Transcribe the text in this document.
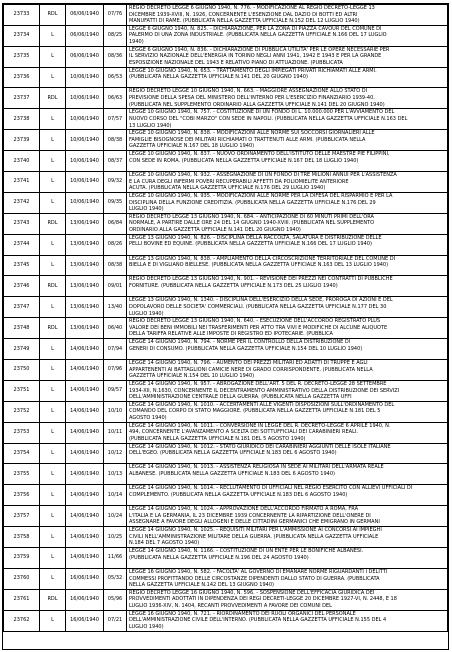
23733	RDL	06/06/1940	07/76	REGIO DECRETO LEGGE 6 GIUGNO 1940, N. 776. - MODIFICAZIONE AL REGIO DECRETO-LEGGE 13
DICEMBRE 1939-XVIII, N. 1926, CONCERNENTE L'ESENZIONE DAL DAZIO DI BOTTI ED ALTRI
MANUFATTI DI RAME. (PUBBLICATA NELLA GAZZETTA UFFICIALE N.152 DEL 12 LUGLIO 1940)

23734	L	06/06/1940	08/25	LEGGE 6 GIUGNO 1940, N. 825. - DICHIARAZIONE, PER LA ZONA DI PIAZZA CAVOUR DEL COMUNE DI
PALERMO DI UNA ZONA INDUSTRIALE. (PUBBLICATA NELLA GAZZETTA UFFICIALE N.166 DEL 17 LUGLIO
1940)

23735	L	06/06/1940	08/36	LEGGE 6 GIUGNO 1940, N. 836. - DICHIARAZIONE DI PUBBLICA UTILITA' PER LE OPERE NECESSARIE PER
IL SERVIZIO NAZIONALE DELL'ENERGIA IN TORINO NEGLI ANNI 1941, 1942 E 1943 E PER LA GRANDE
ESPOSIZIONE NAZIONALE DEL 1943 E RELATIVO PIANO DI ATTUAZIONE. (PUBBLICATA

23736	L	10/06/1940	06/53	LEGGE 10 GIUGNO 1940, N. 653. - TRATTAMENTO DEGLI IMPIEGATI PRIVATI RICHIAMATI ALLE ARMI.
(PUBBLICATA NELLA GAZZETTA UFFICIALE N.141 DEL 20 GIUGNO 1940)

23737	RDL	10/06/1940	06/63	REGIO DECRETO LEGGE 10 GIUGNO 1940, N. 663. - MAGGIORE ASSEGNAZIONE ALLO STATO DI
PREVISIONE DELLA SPESA DEL MINISTERO DELL'INTERNO PER L'ESERCIZIO FINANZIARIO 1939-40.
(PUBBLICATA NEL SUPPLEMENTO ORDINARIO ALLA GAZZETTA UFFICIALE N.141 DEL 20 GIUGNO 1940)

23738	L	10/06/1940	07/57	LEGGE 10 GIUGNO 1940, N. 757. - COSTITUZIONE DI UN FONDO DI L. 10.000.000 PER L'AVVIAMENTO DEL
NUOVO CORSO DEL "COBI MARZO" CON SEDE IN NAPOLI. (PUBBLICATA NELLA GAZZETTA UFFICIALE N.163 DEL
13 LUGLIO 1940)

23739	L	10/06/1940	08/38	LEGGE 10 GIUGNO 1940, N. 838. - MODIFICAZIONI ALLE NORME SUI SOCCORSI GIORNALIERI ALLE
FAMIGLIE BISOGNOSE DEI MILITARI RICHIAMATI O TRATTENUTI ALLE ARMI. (PUBBLICATA NELLA
GAZZETTA UFFICIALE N.167 DEL 18 LUGLIO 1940)

23740	L	10/06/1940	08/37	LEGGE 10 GIUGNO 1940, N. 837. - NUOVO ORDINAMENTO DELL'ISTITUTO DELLE MAESTRE PIE FILIPPINI,
CON SEDE IN ROMA. (PUBBLICATA NELLA GAZZETTA UFFICIALE N.167 DEL 18 LUGLIO 1940)

23741	L	10/06/1940	09/32	LEGGE 10 GIUGNO 1940, N. 932. - ASSEGNAZIONE DI UN FONDO DI TRE MILIONI ANNUI PER L'ASSISTENZA
E LA CURA DEGLI INFERMI POVERI RECUPERABILI AFFETTI DA POLIOMIELITE ANTERIORE
ACUTA. (PUBBLICATA NELLA GAZZETTA UFFICIALE N.176 DEL 29 LUGLIO 1940)

23742	L	10/06/1940	09/35	LEGGE 10 GIUGNO 1940, N. 935. - MODIFICAZIONI ALLE NORME PER LA DIFESA DEL RISPARMIO E PER LA
DISCIPLINA DELLA FUNZIONE CREDITIZIA. (PUBBLICATA NELLA GAZZETTA UFFICIALE N.176 DEL 29
LUGLIO 1940)

23743	RDL	13/06/1940	06/84	REGIO DECRETO LEGGE 13 GIUGNO 1940, N. 684. - ANTICIPAZIONE DI 60 MINUTI PRIMI DELL'ORA
NORMALE, A PARTIRE DALLE ORE 24 DEL 14 GIUGNO 1940-XVIII. (PUBBLICATA NEL SUPPLEMENTO
ORDINARIO ALLA GAZZETTA UFFICIALE N.141 DEL 20 GIUGNO 1940)

23744	L	13/06/1940	08/26	LEGGE 13 GIUGNO 1940, N. 826. - DISCIPLINA DELLA RACCOLTA, SALATURA E DISTRIBUZIONE DELLE
PELLI BOVINE ED EQUINE. (PUBBLICATA NELLA GAZZETTA UFFICIALE N.166 DEL 17 LUGLIO 1940)

23745	L	13/06/1940	08/38	LEGGE 13 GIUGNO 1940, N. 838. - AMPLIAMENTO DELLA CIRCOSCRIZIONE TERRITORIALE DEL COMUNE DI
BIELLA E DI VIGLIANO BIELLESE. (PUBBLICATA NELLA GAZZETTA UFFICIALE N.163 DEL 13 LUGLIO 1940)

23746	RDL	13/06/1940	09/01	REGIO DECRETO LEGGE 13 GIUGNO 1940, N. 901. - REVISIONE DEI PREZZI NEI CONTRATTI DI PUBBLICHE
FORNITURE. (PUBBLICATA NELLA GAZZETTA UFFICIALE N.173 DEL 25 LUGLIO 1940)

23747	L	13/06/1940	13/40	LEGGE 13 GIUGNO 1940, N. 1340. - DISCIPLINA DELL'ESERCIZIO DELLA SEDE, PROROGA DI AZIONI E DEL
DOPOLAVORO DELLE SOCIETA' COMMERCIALI. (PUBBLICATA NELLA GAZZETTA UFFICIALE N.177 DEL 30
LUGLIO 1940)

23748	RDL	13/06/1940	06/40	REGIO DECRETO LEGGE 13 GIUGNO 1940, N. 640. - ESECUZIONE DELL'ACCORDO REGISTRATO PLUS
VALORE DEI BENI IMMOBILI NEI TRASFERIMENTI PER ATTO TRA VIVI E MODIFICHE DI ALCUNE ALIQUOTE
DELLA TARIFFA RELATIVE ALLE IMPOSTE DI REGISTRO ED IPOTECARIE. (PUBBLICA

23749	L	14/06/1940	07/94	LEGGE 14 GIUGNO 1940, N. 794. - NORME PER IL CONTROLLO DELLA DISTRIBUZIONE DI
GENERI DI CONSUMO. (PUBBLICATA NELLA GAZZETTA UFFICIALE N.154 DEL 10 LUGLIO 1940)

23750	L	14/06/1940	07/96	LEGGE 14 GIUGNO 1940, N. 796. - AUMENTO DEI PREZZI MILITARI ED ADATTI DI TRUPPE E AGLI
APPARTENENTI AI BATTAGLIONI CAMICIE NERE DI GRADO CORRISPONDENTE. (PUBBLICATA NELLA
GAZZETTA UFFICIALE N.154 DEL 10 LUGLIO 1940)

23751	L	14/06/1940	09/57	LEGGE 14 GIUGNO 1940, N. 957. - ABROGAZIONE DELL'ART. 5 DEL R. DECRETO-LEGGE 28 SETTEMBRE
1934-XII, N.1630, CONCERNENTE IL DECENTRAMENTO AMMINISTRATIVO DELLA DISTRIBUZIONE DEI SERVIZI
DELL'AMMINISTRAZIONE CENTRALE DELLA GUERRA. (PUBBLICATA NELLA GAZZETTA UFFI

23752	L	14/06/1940	10/10	LEGGE 14 GIUGNO 1940, N. 1010. - ACCERTAMENTI ALLE VIGENTI DISPOSIZIONI SULL'ORDINAMENTO DEL
COMANDO DEL CORPO DI STATO MAGGIORE. (PUBBLICATA NELLA GAZZETTA UFFICIALE N.181 DEL 5
AGOSTO 1940)

23753	L	14/06/1940	10/11	LEGGE 14 GIUGNO 1940, N. 1011. - CONVERSIONE IN LEGGE DEL R. DECRETO-LEGGE 6 APRILE 1940, N.
494, CONCERNENTE L'AVANZAMENTO A SCELTA DEI SOTTUFFICIALI DEI CARABINIERI REALI.
(PUBBLICATA NELLA GAZZETTA UFFICIALE N.181 DEL 5 AGOSTO 1940)

23754	L	14/06/1940	10/12	LEGGE 14 GIUGNO 1940, N. 1012. - STATO GIURIDICO DEI CARABINIERI AGGIUNTI DELLE ISOLE ITALIANE
DELL'EGEO. (PUBBLICATA NELLA GAZZETTA UFFICIALE N.183 DEL 6 AGOSTO 1940)

23755	L	14/06/1940	10/13	LEGGE 14 GIUGNO 1940, N. 1013. - ASSISTENZA RELIGIOSA IN SEDE AI MILITARI DELL'ARMATA REALE
ALBANESE. (PUBBLICATA NELLA GAZZETTA UFFICIALE N.183 DEL 6 AGOSTO 1940)

23756	L	14/06/1940	10/14	LEGGE 14 GIUGNO 1940, N. 1014. - RECLUTAMENTO DI UFFICIALI NEL REGIO ESERCITO CON ALLIEVI UFFICIALI DI
COMPLEMENTO. (PUBBLICATA NELLA GAZZETTA UFFICIALE N.183 DEL 6 AGOSTO 1940)

23757	L	14/06/1940	10/24	LEGGE 14 GIUGNO 1940, N. 1024. - APPROVAZIONE DELL'ACCORDO FIRMATO A ROMA, FRA
L'ITALIA E LA GERMANIA, IL 23 DICEMBRE 1939 CONCERNENTE LA RIPARTIZIONE DELL'ONERE DI
ASSEGNARE A FAVORE DEGLI ALLOGENI E DELLE CITTADINI GERMANICI CHE EMIGRANO IN GERMANI

23758	L	14/06/1940	10/25	LEGGE 14 GIUGNO 1940, N. 1025. - REQUISITI MILITARI PER L'AMMISSIONE AI CONCORSI AI IMPIEGHI
CIVILI NELL'AMMINISTRAZIONE MILITARE DELLA GUERRA. (PUBBLICATA NELLA GAZZETTA UFFICIALE
N.184 DEL 7 AGOSTO 1940)

23759	L	14/06/1940	11/66	LEGGE 14 GIUGNO 1940, N. 1166. - COSTITUZIONE DI UN ENTE PER LE BONIFICHE ALBANESI.
(PUBBLICATA NELLA GAZZETTA UFFICIALE N.196 DEL 24 AGOSTO 1940)

23760	L	16/06/1940	05/32	LEGGE 16 GIUGNO 1940, N. 582. - FACOLTA' AL GOVERNO DI EMANARE NORME RIGUARDANTI I DELITTI
COMMESSI PROFITTANDO DELLE CIRCOSTANZE DIPENDENTI DALLO STATO DI GUERRA. (PUBBLICATA
NELLA GAZZETTA UFFICIALE N.142 DEL 13 GIUGNO 1940)

23761	RDL	16/06/1940	05/96	REGIO DECRETO LEGGE 16 GIUGNO 1940, N. 596. - SOSPENSIONE DELL'EFFICACIA GIURIDICA DEI
PROVVEDIMENTI ADOTTATI IN DIPENDENZA DEI REGI DECRETI-LEGGE 20 DICEMBRE 1927-VI, N. 2448, E 18
LUGLIO 1936-XIV, N. 1404, RECANTI PROVVEDIMENTI A FAVORE DEI COMUNI DEL

23762	L	16/06/1940	07/21	LEGGE 16 GIUGNO 1940, N. 721. - RIORDINAMENTO DEI RUOLI ORGANICI DEL PERSONALE
DELL'AMMINISTRAZIONE CIVILE DELL'INTERNO. (PUBBLICATA NELLA GAZZETTA UFFICIALE N.155 DEL 4
LUGLIO 1940)
